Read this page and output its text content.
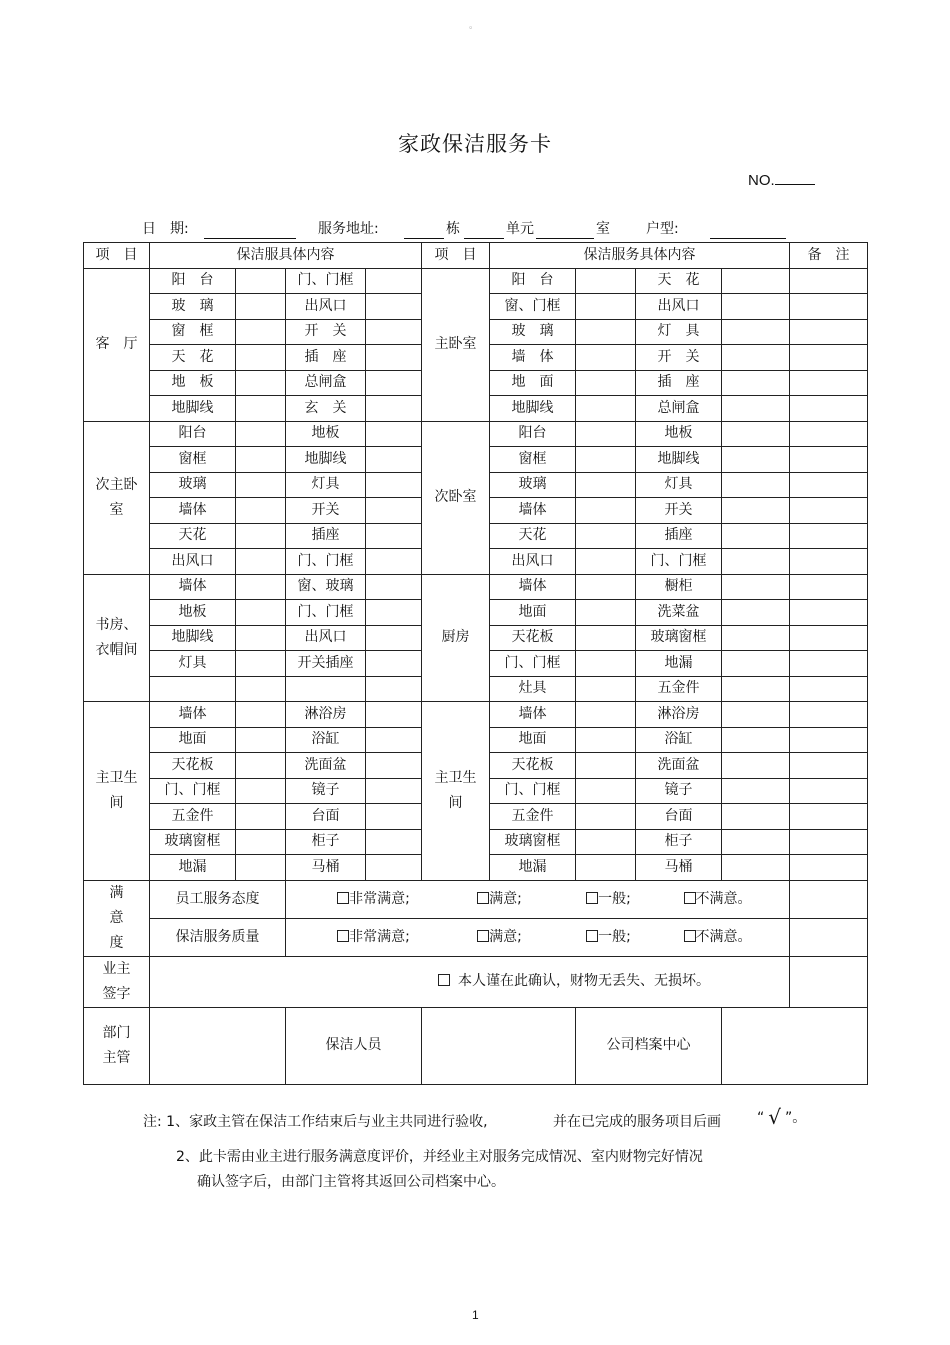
。
家政保洁服务卡
NO.
日　期:	服务地址:	栋	单元	室	户型:
项　目	保洁服具体内容				项　目	保洁服务具体内容				备　注
客　厅	阳　台		门、门框		主卧室	阳　台		天　花		
	玻　璃		出风口			窗、门框		出风口		
	窗　框		开　关			玻　璃		灯　具		
	天　花		插　座			墙　体		开　关		
	地　板		总闸盒			地　面		插　座		
	地脚线		玄　关			地脚线		总闸盒		
次主卧室	阳台		地板		次卧室	阳台		地板		
	窗框		地脚线			窗框		地脚线		
	玻璃		灯具			玻璃		灯具		
	墙体		开关			墙体		开关		
	天花		插座			天花		插座		
	出风口		门、门框			出风口		门、门框		
书房、衣帽间	墙体		窗、玻璃		厨房	墙体		橱柜		
	地板		门、门框			地面		洗菜盆		
	地脚线		出风口			天花板		玻璃窗框		
	灯具		开关插座			门、门框		地漏		
						灶具		五金件		
主卫生间	墙体		淋浴房		主卫生间	墙体		淋浴房		
	地面		浴缸			地面		浴缸		
	天花板		洗面盆			天花板		洗面盆		
	门、门框		镜子			门、门框		镜子		
	五金件		台面			五金件		台面		
	玻璃窗框		柜子			玻璃窗框		柜子		
	地漏		马桶			地漏		马桶		
满意度	员工服务态度		非常满意; 满意; 一般; 不满意。							
	保洁服务质量		非常满意; 满意; 一般; 不满意。							
业主签字	本人谨在此确认，财物无丢失、无损坏。									
部门主管			保洁人员				公司档案中心			
注: 1、家政主管在保洁工作结束后与业主共同进行验收,	并在已完成的服务项目后画	“ √ ”。
2、此卡需由业主进行服务满意度评价，并经业主对服务完成情况、室内财物完好情况
确认签字后，由部门主管将其返回公司档案中心。
1
